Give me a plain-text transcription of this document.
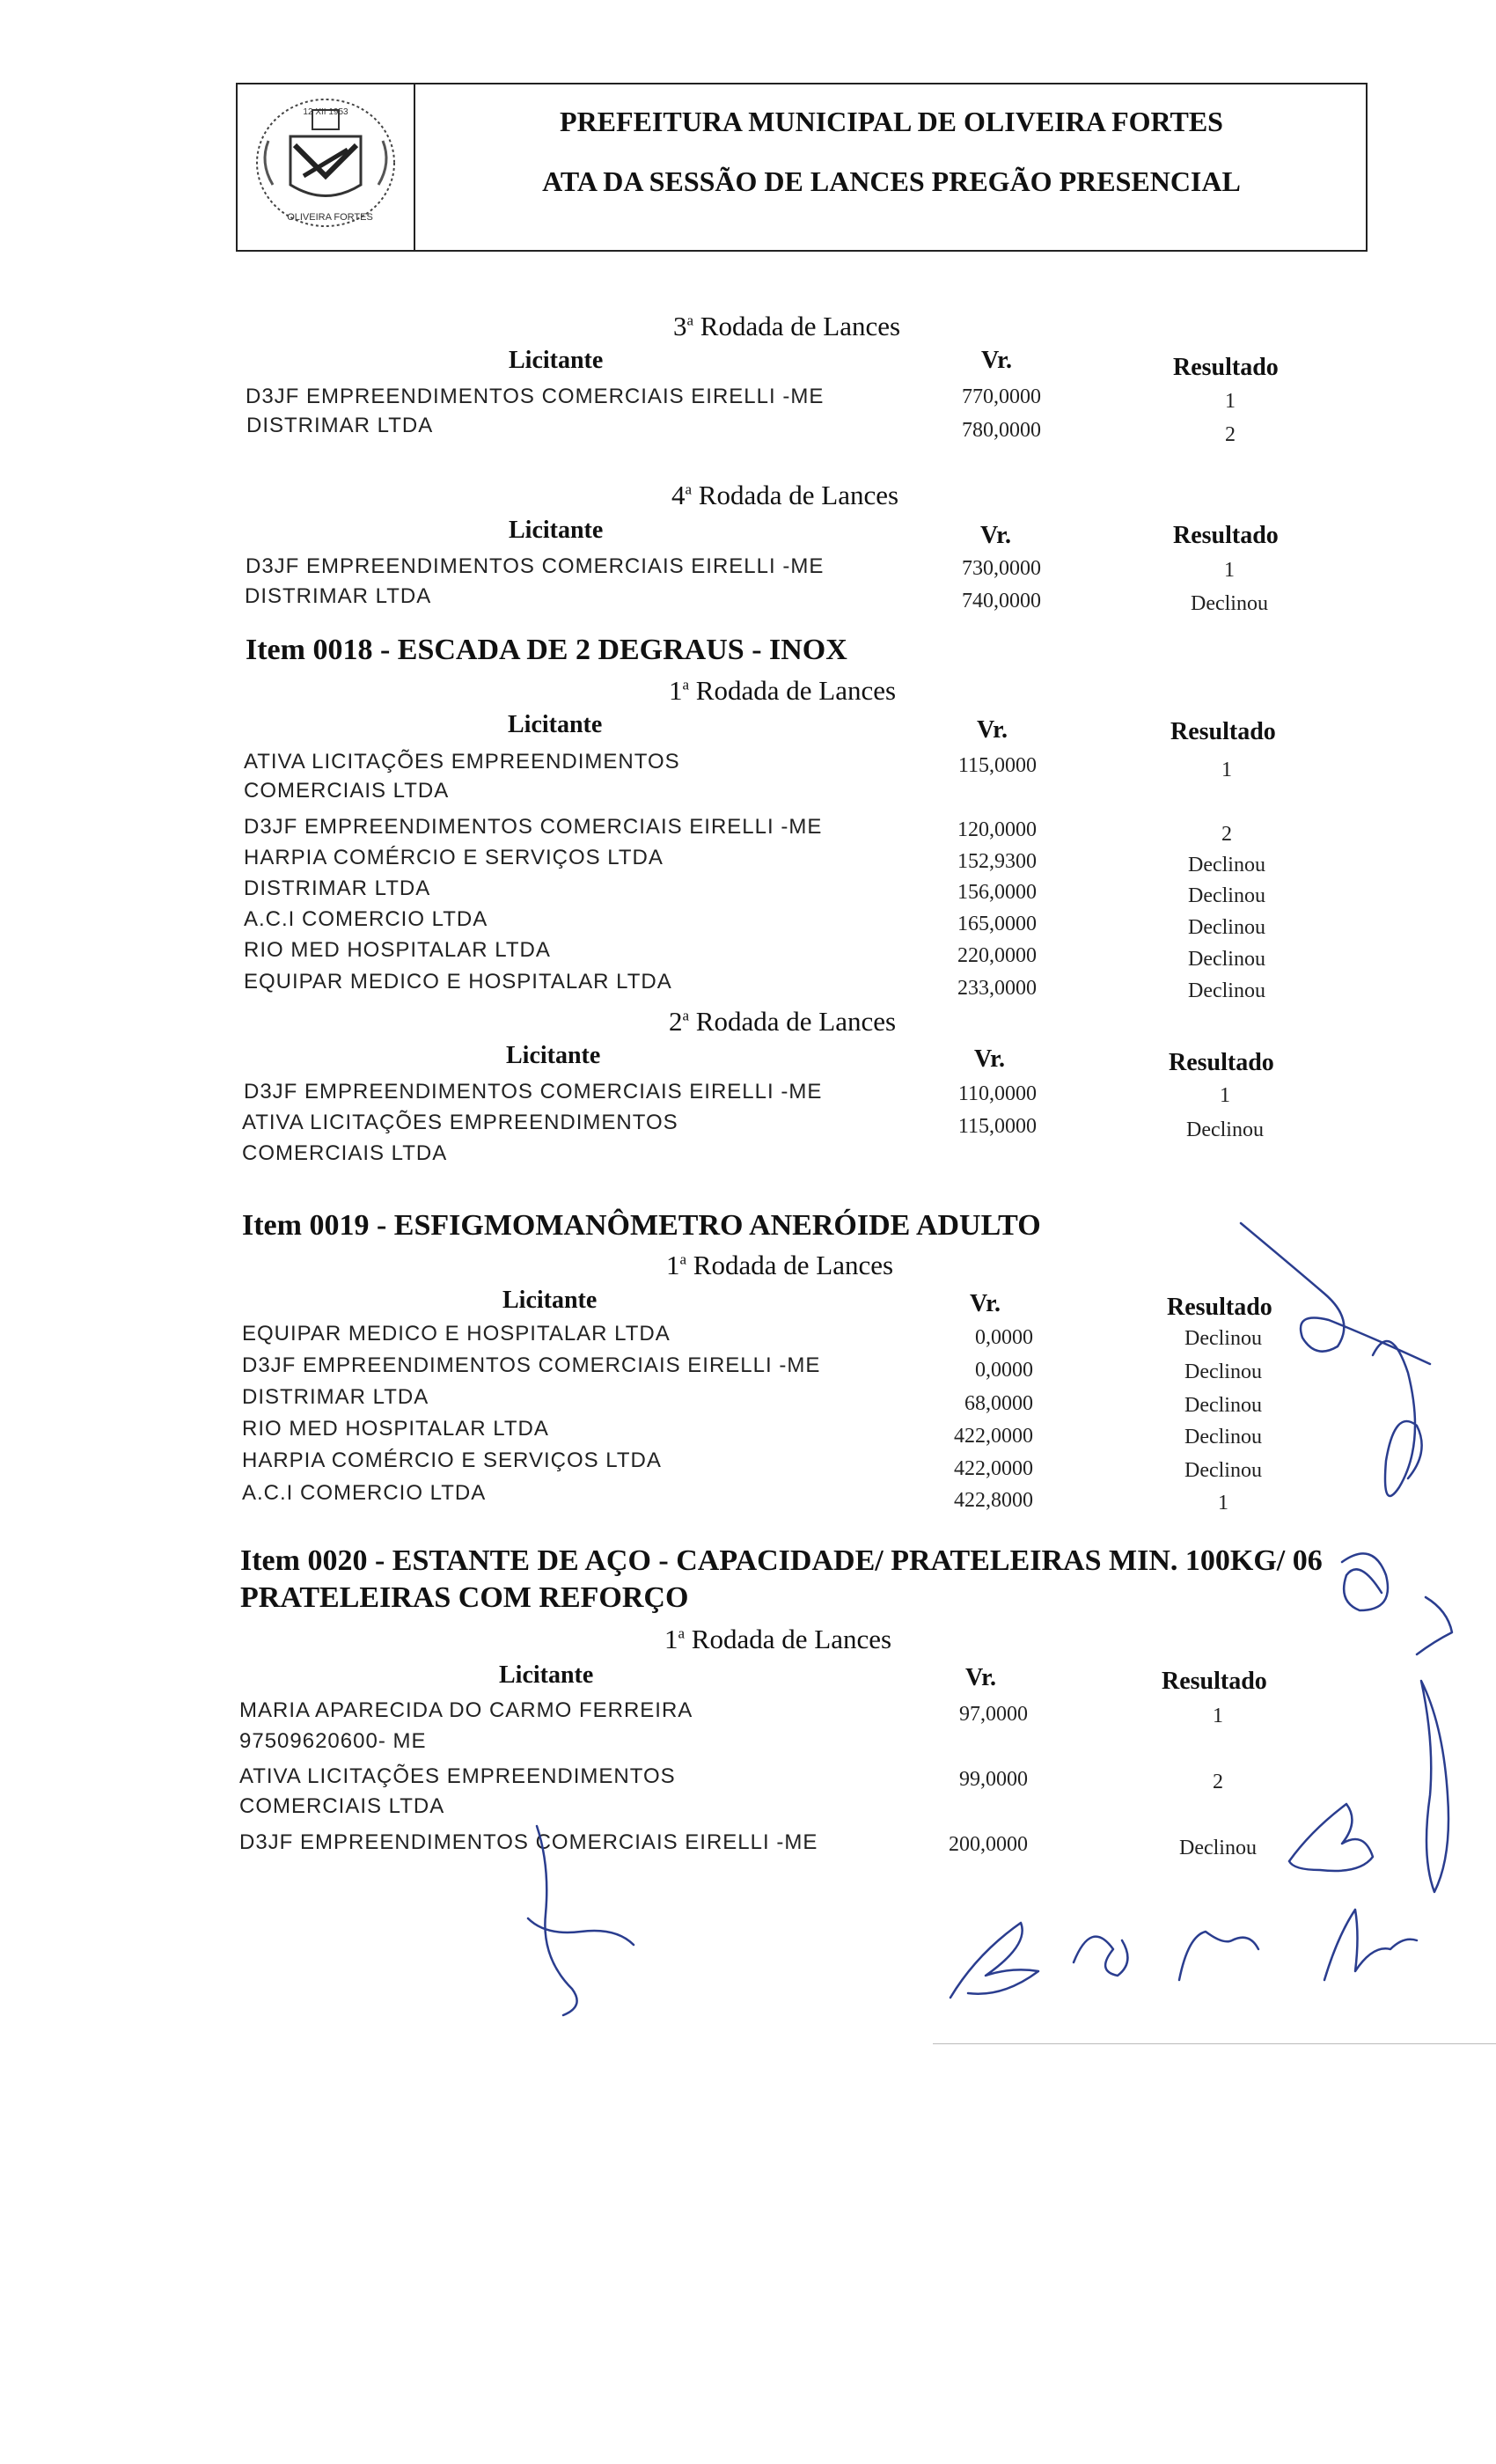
12 XII 1953
OLIVEIRA FORTES
PREFEITURA MUNICIPAL DE OLIVEIRA FORTES
ATA DA SESSÃO DE LANCES PREGÃO PRESENCIAL
3$^a$ Rodada de Lances
Licitante	Vr.	Resultado
D3JF EMPREENDIMENTOS COMERCIAIS EIRELLI -ME	770,0000	1
DISTRIMAR LTDA	780,0000	2
4$^a$ Rodada de Lances
Licitante	Vr.	Resultado
D3JF EMPREENDIMENTOS COMERCIAIS EIRELLI -ME	730,0000	1
DISTRIMAR LTDA	740,0000	Declinou
Item 0018 - ESCADA DE 2 DEGRAUS - INOX
1$^a$ Rodada de Lances
Licitante	Vr.	Resultado
ATIVA LICITAÇÕES EMPREENDIMENTOS
COMERCIAIS LTDA
115,0000	1
D3JF EMPREENDIMENTOS COMERCIAIS EIRELLI -ME	120,0000	2
HARPIA COMÉRCIO E SERVIÇOS LTDA	152,9300	Declinou
DISTRIMAR LTDA	156,0000	Declinou
A.C.I COMERCIO LTDA	165,0000	Declinou
RIO MED HOSPITALAR LTDA	220,0000	Declinou
EQUIPAR MEDICO E HOSPITALAR LTDA	233,0000	Declinou
2$^a$ Rodada de Lances
Licitante	Vr.	Resultado
D3JF EMPREENDIMENTOS COMERCIAIS EIRELLI -ME	110,0000	1
ATIVA LICITAÇÕES EMPREENDIMENTOS
COMERCIAIS LTDA
115,0000	Declinou
Item 0019 - ESFIGMOMANÔMETRO ANERÓIDE ADULTO
1$^a$ Rodada de Lances
Licitante	Vr.	Resultado
EQUIPAR MEDICO E HOSPITALAR LTDA	0,0000	Declinou
D3JF EMPREENDIMENTOS COMERCIAIS EIRELLI -ME	0,0000	Declinou
DISTRIMAR LTDA	68,0000	Declinou
RIO MED HOSPITALAR LTDA	422,0000	Declinou
HARPIA COMÉRCIO E SERVIÇOS LTDA	422,0000	Declinou
A.C.I COMERCIO LTDA	422,8000	1
Item 0020 - ESTANTE DE AÇO - CAPACIDADE/ PRATELEIRAS MIN. 100KG/ 06
PRATELEIRAS COM REFORÇO
1$^a$ Rodada de Lances
Licitante	Vr.	Resultado
MARIA APARECIDA DO CARMO FERREIRA
97509620600- ME
97,0000	1
ATIVA LICITAÇÕES EMPREENDIMENTOS
COMERCIAIS LTDA
99,0000	2
D3JF EMPREENDIMENTOS COMERCIAIS EIRELLI -ME	200,0000	Declinou
